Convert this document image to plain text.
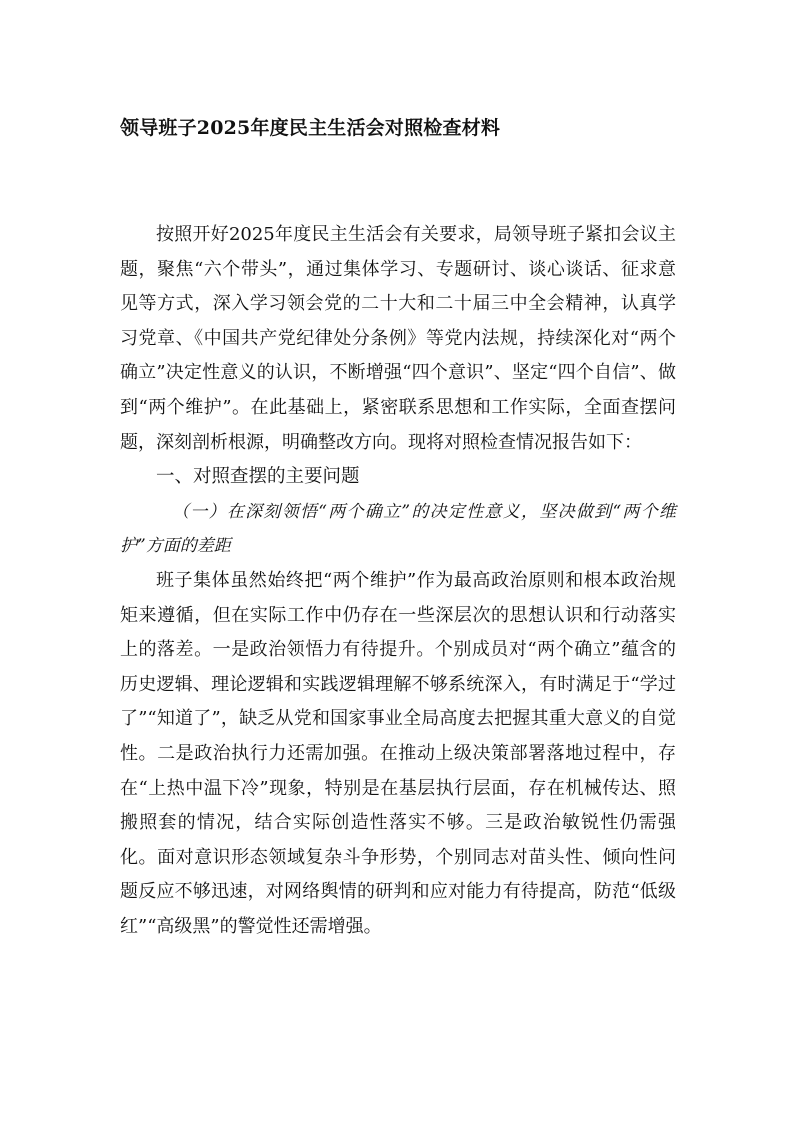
领导班子2025年度民主生活会对照检查材料

按照开好2025年度民主生活会有关要求，局领导班子紧扣会议主题，聚焦“六个带头”，通过集体学习、专题研讨、谈心谈话、征求意见等方式，深入学习领会党的二十大和二十届三中全会精神，认真学习党章、《中国共产党纪律处分条例》等党内法规，持续深化对“两个确立”决定性意义的认识，不断增强“四个意识”、坚定“四个自信”、做到“两个维护”。在此基础上，紧密联系思想和工作实际，全面查摆问题，深刻剖析根源，明确整改方向。现将对照检查情况报告如下：

一、对照查摆的主要问题

（一）在深刻领悟“两个确立”的决定性意义，坚决做到“两个维护”方面的差距

班子集体虽然始终把“两个维护”作为最高政治原则和根本政治规矩来遵循，但在实际工作中仍存在一些深层次的思想认识和行动落实上的落差。一是政治领悟力有待提升。个别成员对“两个确立”蕴含的历史逻辑、理论逻辑和实践逻辑理解不够系统深入，有时满足于“学过了”“知道了”，缺乏从党和国家事业全局高度去把握其重大意义的自觉性。二是政治执行力还需加强。在推动上级决策部署落地过程中，存在“上热中温下冷”现象，特别是在基层执行层面，存在机械传达、照搬照套的情况，结合实际创造性落实不够。三是政治敏锐性仍需强化。面对意识形态领域复杂斗争形势，个别同志对苗头性、倾向性问题反应不够迅速，对网络舆情的研判和应对能力有待提高，防范“低级红”“高级黑”的警觉性还需增强。
